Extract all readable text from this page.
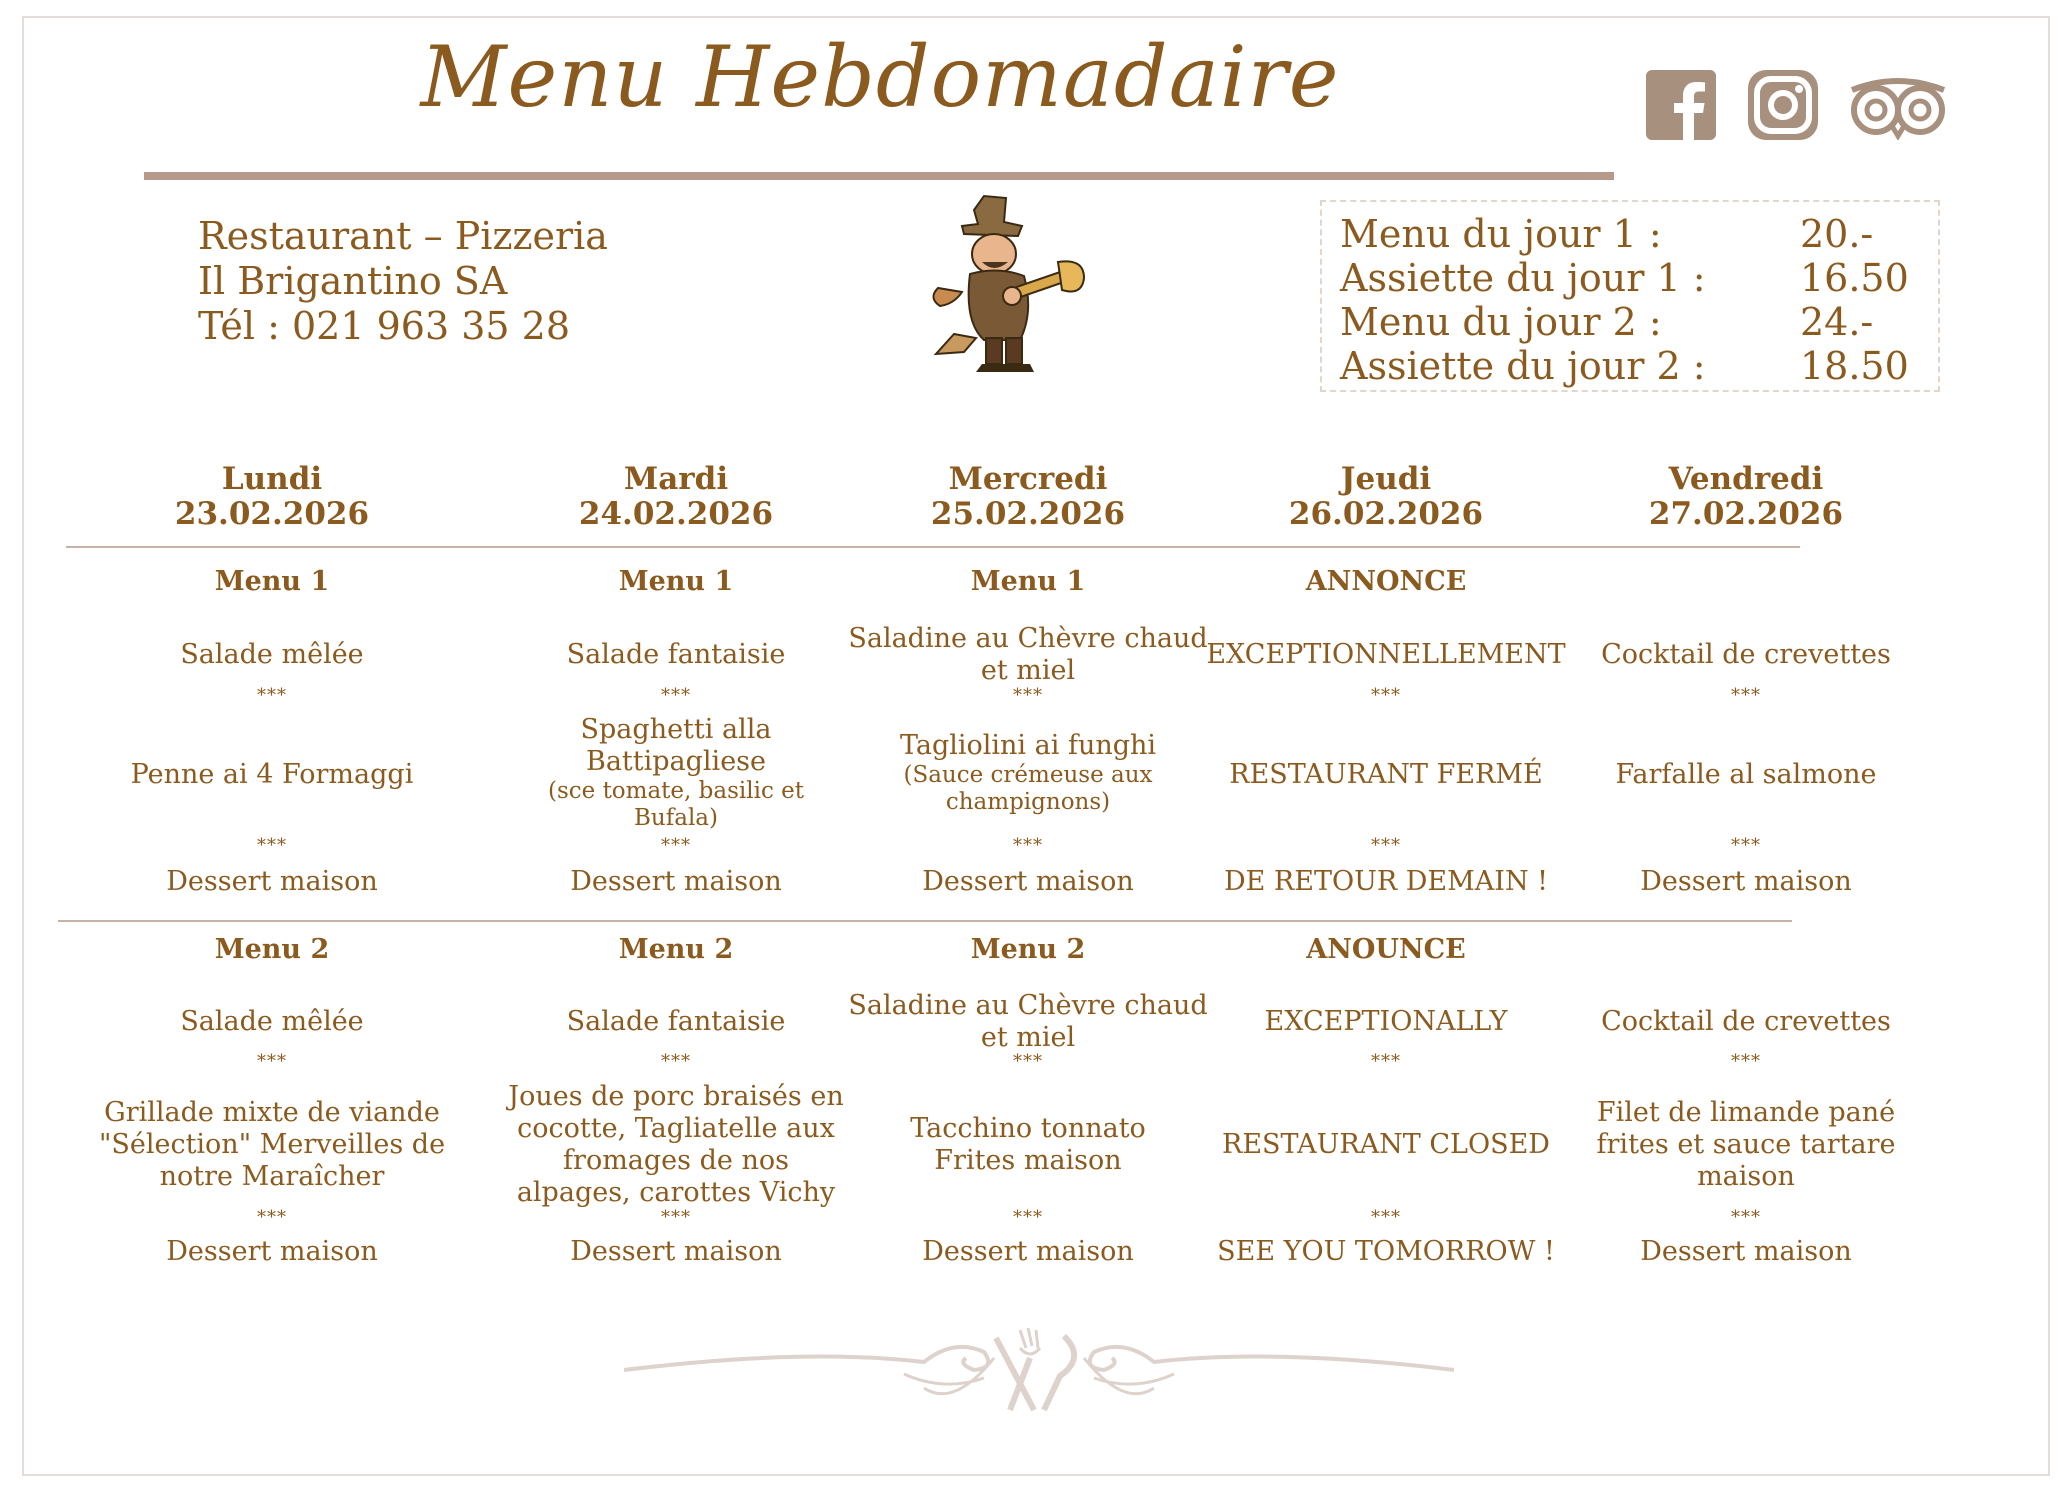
Menu Hebdomadaire
Restaurant – Pizzeria
Il Brigantino SA
Tél : 021 963 35 28
Menu du jour 1 :	20.-
Assiette du jour 1 : 16.50
Menu du jour 2 :	24.-
Assiette du jour 2 : 18.50
Lundi
23.02.2026
Menu 1
Salade mêlée
***
Penne ai 4 Formaggi
***
Dessert maison
Menu 2
Salade mêlée
***
Grillade mixte de viande "Sélection" Merveilles de notre Maraîcher
***
Dessert maison
Mardi
24.02.2026
Menu 1
Salade fantaisie
***
Spaghetti alla Battipagliese
(sce tomate, basilic et Bufala)
***
Dessert maison
Menu 2
Salade fantaisie
***
Joues de porc braisés en cocotte, Tagliatelle aux fromages de nos alpages, carottes Vichy
***
Dessert maison
Mercredi
25.02.2026
Menu 1
Saladine au Chèvre chaud et miel
***
Tagliolini ai funghi
(Sauce crémeuse aux champignons)
***
Dessert maison
Menu 2
Saladine au Chèvre chaud et miel
***
Tacchino tonnato Frites maison
***
Dessert maison
Jeudi
26.02.2026
ANNONCE
EXCEPTIONNELLEMENT
***
RESTAURANT FERMÉ
***
DE RETOUR DEMAIN !
ANOUNCE
EXCEPTIONALLY
***
RESTAURANT CLOSED
***
SEE YOU TOMORROW !
Vendredi
27.02.2026
Cocktail de crevettes
***
Farfalle al salmone
***
Dessert maison
Cocktail de crevettes
***
Filet de limande pané frites et sauce tartare maison
***
Dessert maison
